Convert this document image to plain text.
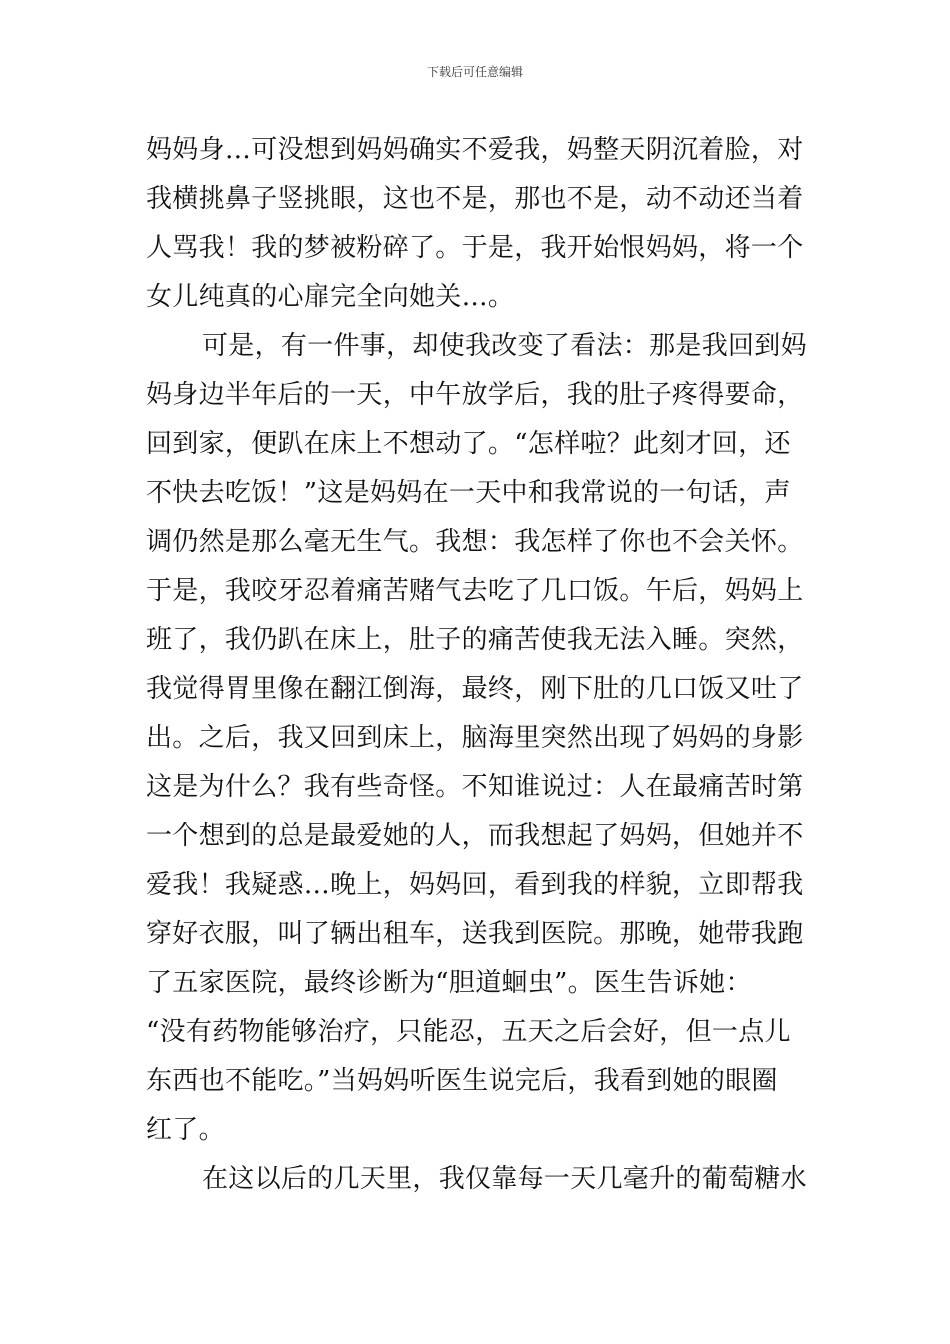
下载后可任意编辑
妈妈身…可没想到妈妈确实不爱我，妈整天阴沉着脸，对
我横挑鼻子竖挑眼，这也不是，那也不是，动不动还当着
人骂我！我的梦被粉碎了。于是，我开始恨妈妈，将一个
女儿纯真的心扉完全向她关…。
可是，有一件事，却使我改变了看法：那是我回到妈
妈身边半年后的一天，中午放学后，我的肚子疼得要命，
回到家，便趴在床上不想动了。“怎样啦？此刻才回，还
不快去吃饭！”这是妈妈在一天中和我常说的一句话，声
调仍然是那么毫无生气。我想：我怎样了你也不会关怀。
于是，我咬牙忍着痛苦赌气去吃了几口饭。午后，妈妈上
班了，我仍趴在床上，肚子的痛苦使我无法入睡。突然，
我觉得胃里像在翻江倒海，最终，刚下肚的几口饭又吐了
出。之后，我又回到床上，脑海里突然出现了妈妈的身影
这是为什么？我有些奇怪。不知谁说过：人在最痛苦时第
一个想到的总是最爱她的人，而我想起了妈妈，但她并不
爱我！我疑惑…晚上，妈妈回，看到我的样貌，立即帮我
穿好衣服，叫了辆出租车，送我到医院。那晚，她带我跑
了五家医院，最终诊断为“胆道蛔虫”。医生告诉她：
“没有药物能够治疗，只能忍，五天之后会好，但一点儿
东西也不能吃。”当妈妈听医生说完后，我看到她的眼圈
红了。
在这以后的几天里，我仅靠每一天几毫升的葡萄糖水
